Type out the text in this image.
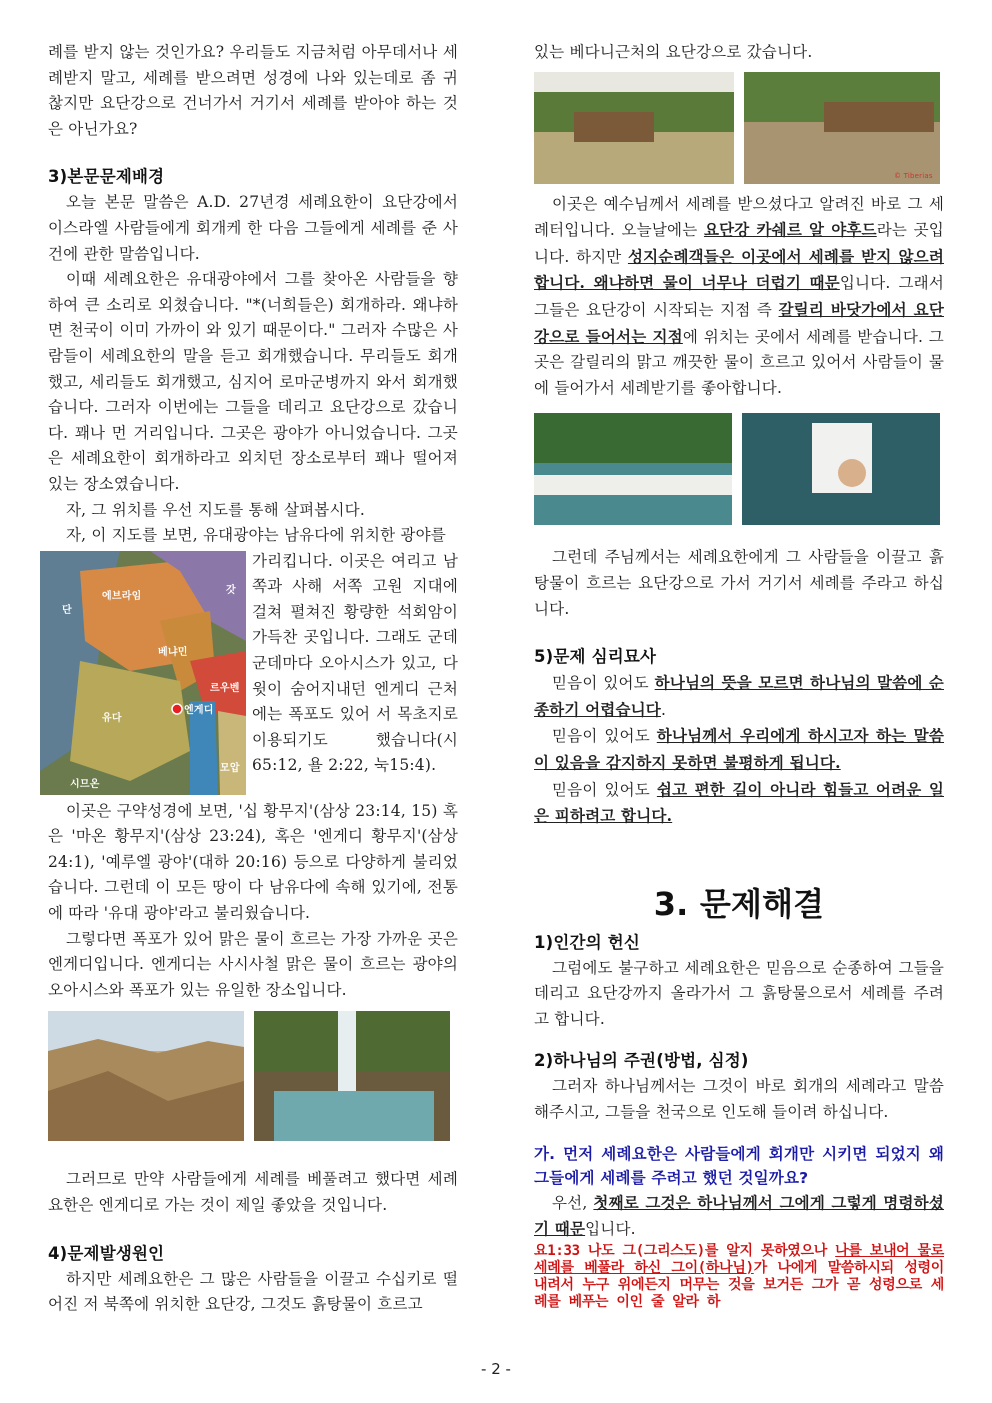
례를 받지 않는 것인가요? 우리들도 지금처럼 아무데서나 세례받지 말고, 세례를 받으려면 성경에 나와 있는데로 좀 귀찮지만 요단강으로 건너가서 거기서 세례를 받아야 하는 것은 아닌가요?

3)본문문제배경

오늘 본문 말씀은 A.D. 27년경 세례요한이 요단강에서 이스라엘 사람들에게 회개케 한 다음 그들에게 세례를 준 사건에 관한 말씀입니다.

이때 세례요한은 유대광야에서 그를 찾아온 사람들을 향하여 큰 소리로 외쳤습니다. "*(너희들은) 회개하라. 왜냐하면 천국이 이미 가까이 와 있기 때문이다." 그러자 수많은 사람들이 세례요한의 말을 듣고 회개했습니다. 무리들도 회개했고, 세리들도 회개했고, 심지어 로마군병까지 와서 회개했습니다. 그러자 이번에는 그들을 데리고 요단강으로 갔습니다. 꽤나 먼 거리입니다. 그곳은 광야가 아니었습니다. 그곳은 세례요한이 회개하라고 외치던 장소로부터 꽤나 떨어져 있는 장소였습니다.

자, 그 위치를 우선 지도를 통해 살펴봅시다.

자, 이 지도를 보면, 유대광야는 남유다에 위치한 광야를

단
에브라임
베냐민
유다
엔게디
르우벤
모압
시므온
갓

가리킵니다. 이곳은 여리고 남쪽과 사해 서쪽 고원 지대에 걸쳐 펼쳐진 황량한 석회암이 가득찬 곳입니다. 그래도 군데군데마다 오아시스가 있고, 다윗이 숨어지내던 엔게디 근처에는 폭포도 있어 서 목초지로 이용되기도 했습니다(시65:12, 욜 2:22, 눅15:4).

이곳은 구약성경에 보면, '십 황무지'(삼상 23:14, 15) 혹은 '마온 황무지'(삼상 23:24), 혹은 '엔게디 황무지'(삼상24:1), '예루엘 광야'(대하 20:16) 등으로 다양하게 불리었습니다. 그런데 이 모든 땅이 다 남유다에 속해 있기에, 전통에 따라 '유대 광야'라고 불리웠습니다.

그렇다면 폭포가 있어 맑은 물이 흐르는 가장 가까운 곳은 엔게디입니다. 엔게디는 사시사철 맑은 물이 흐르는 광야의 오아시스와 폭포가 있는 유일한 장소입니다.

그러므로 만약 사람들에게 세례를 베풀려고 했다면 세례요한은 엔게디로 가는 것이 제일 좋았을 것입니다.

4)문제발생원인

하지만 세례요한은 그 많은 사람들을 이끌고 수십키로 떨어진 저 북쪽에 위치한 요단강, 그것도 흙탕물이 흐르고

있는 베다니근처의 요단강으로 갔습니다.

© Tiberias

이곳은 예수님께서 세례를 받으셨다고 알려진 바로 그 세례터입니다. 오늘날에는 요단강 카쉐르 알 야후드라는 곳입니다. 하지만 성지순례객들은 이곳에서 세례를 받지 않으려 합니다. 왜냐하면 물이 너무나 더럽기 때문입니다. 그래서 그들은 요단강이 시작되는 지점 즉 갈릴리 바닷가에서 요단강으로 들어서는 지점에 위치는 곳에서 세례를 받습니다. 그곳은 갈릴리의 맑고 깨끗한 물이 흐르고 있어서 사람들이 물에 들어가서 세례받기를 좋아합니다.

그런데 주님께서는 세례요한에게 그 사람들을 이끌고 흙탕물이 흐르는 요단강으로 가서 거기서 세례를 주라고 하십니다.

5)문제 심리묘사

믿음이 있어도 하나님의 뜻을 모르면 하나님의 말씀에 순종하기 어렵습니다.

믿음이 있어도 하나님께서 우리에게 하시고자 하는 말씀이 있음을 감지하지 못하면 불평하게 됩니다.

믿음이 있어도 쉽고 편한 길이 아니라 힘들고 어려운 일은 피하려고 합니다.

3. 문제해결
1)인간의 헌신

그럼에도 불구하고 세례요한은 믿음으로 순종하여 그들을 데리고 요단강까지 올라가서 그 흙탕물으로서 세례를 주려고 합니다.

2)하나님의 주권(방법, 심정)

그러자 하나님께서는 그것이 바로 회개의 세례라고 말씀해주시고, 그들을 천국으로 인도해 들이려 하십니다.

가. 먼저 세례요한은 사람들에게 회개만 시키면 되었지 왜 그들에게 세례를 주려고 했던 것일까요?

우선, 첫째로 그것은 하나님께서 그에게 그렇게 명령하셨기 때문입니다.

요1:33 나도 그(그리스도)를 알지 못하였으나 나를 보내어 물로 세례를 베풀라 하신 그이(하나님)가 나에게 말씀하시되 성령이 내려서 누구 위에든지 머무는 것을 보거든 그가 곧 성령으로 세례를 베푸는 이인 줄 알라 하

- 2 -
